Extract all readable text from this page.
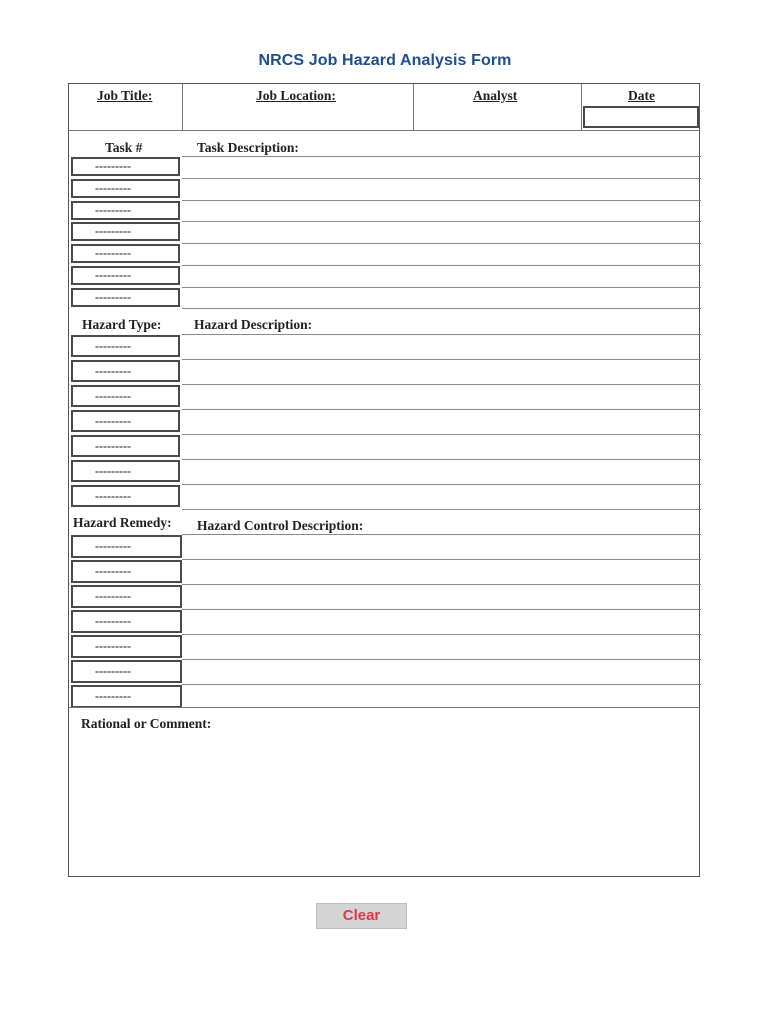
NRCS Job Hazard Analysis Form
Job Title:	Job Location:	Analyst	Date
Task #	Task Description:
---------
---------
---------
---------
---------
---------
---------
Hazard Type: Hazard Description:
---------
---------
---------
---------
---------
---------
---------
Hazard Remedy: Hazard Control Description:
---------
---------
---------
---------
---------
---------
---------
Rational or Comment:
Clear
